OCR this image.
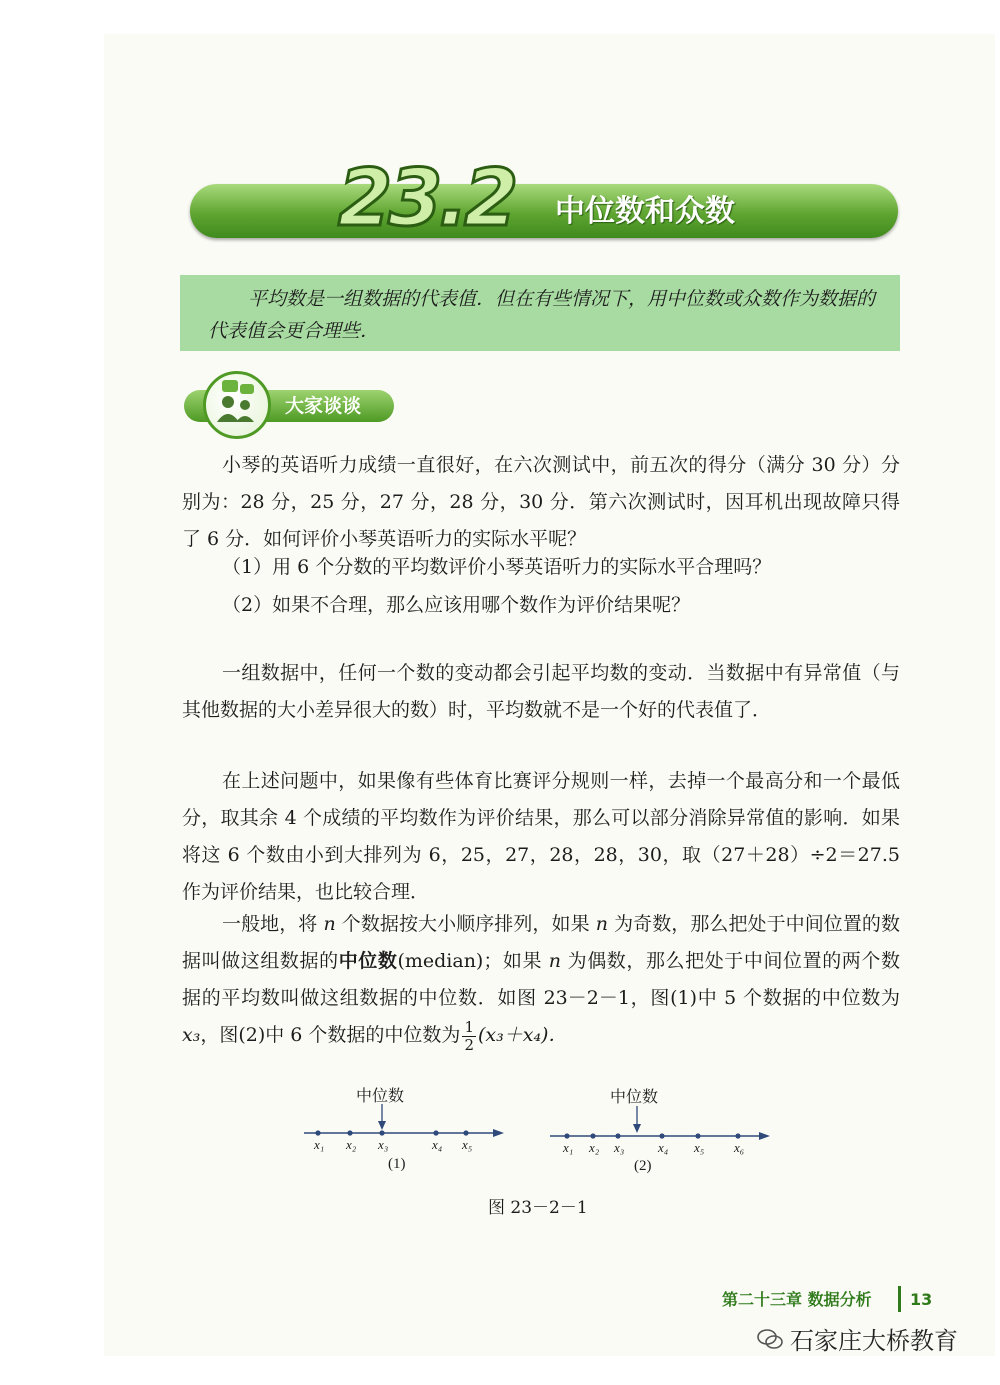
23.2 中位数和众数
平均数是一组数据的代表值．但在有些情况下，用中位数或众数作为数据的代表值会更合理些．
大家谈谈
小琴的英语听力成绩一直很好，在六次测试中，前五次的得分（满分 30 分）分别为：28 分，25 分，27 分，28 分，30 分．第六次测试时，因耳机出现故障只得了 6 分．如何评价小琴英语听力的实际水平呢？
（1）用 6 个分数的平均数评价小琴英语听力的实际水平合理吗？
（2）如果不合理，那么应该用哪个数作为评价结果呢？
一组数据中，任何一个数的变动都会引起平均数的变动．当数据中有异常值（与其他数据的大小差异很大的数）时，平均数就不是一个好的代表值了．
在上述问题中，如果像有些体育比赛评分规则一样，去掉一个最高分和一个最低分，取其余 4 个成绩的平均数作为评价结果，那么可以部分消除异常值的影响．如果将这 6 个数由小到大排列为 6，25，27，28，28，30，取（27＋28）÷2＝27.5 作为评价结果，也比较合理．
一般地，将 n 个数据按大小顺序排列，如果 n 为奇数，那么把处于中间位置的数据叫做这组数据的中位数(median)；如果 n 为偶数，那么把处于中间位置的两个数据的平均数叫做这组数据的中位数．如图 23－2－1，图(1)中 5 个数据的中位数为 x₃，图(2)中 6 个数据的中位数为 $\frac{1}{2} (x_3+x_4)$．
中位数
x₁ x₂ x₃	x₄ x₅
(1)
中位数
x₁ x₂ x₃	x₄ x₅ x₆
(2)
图 23－2－1
第二十三章 数据分析 13
石家庄大桥教育
